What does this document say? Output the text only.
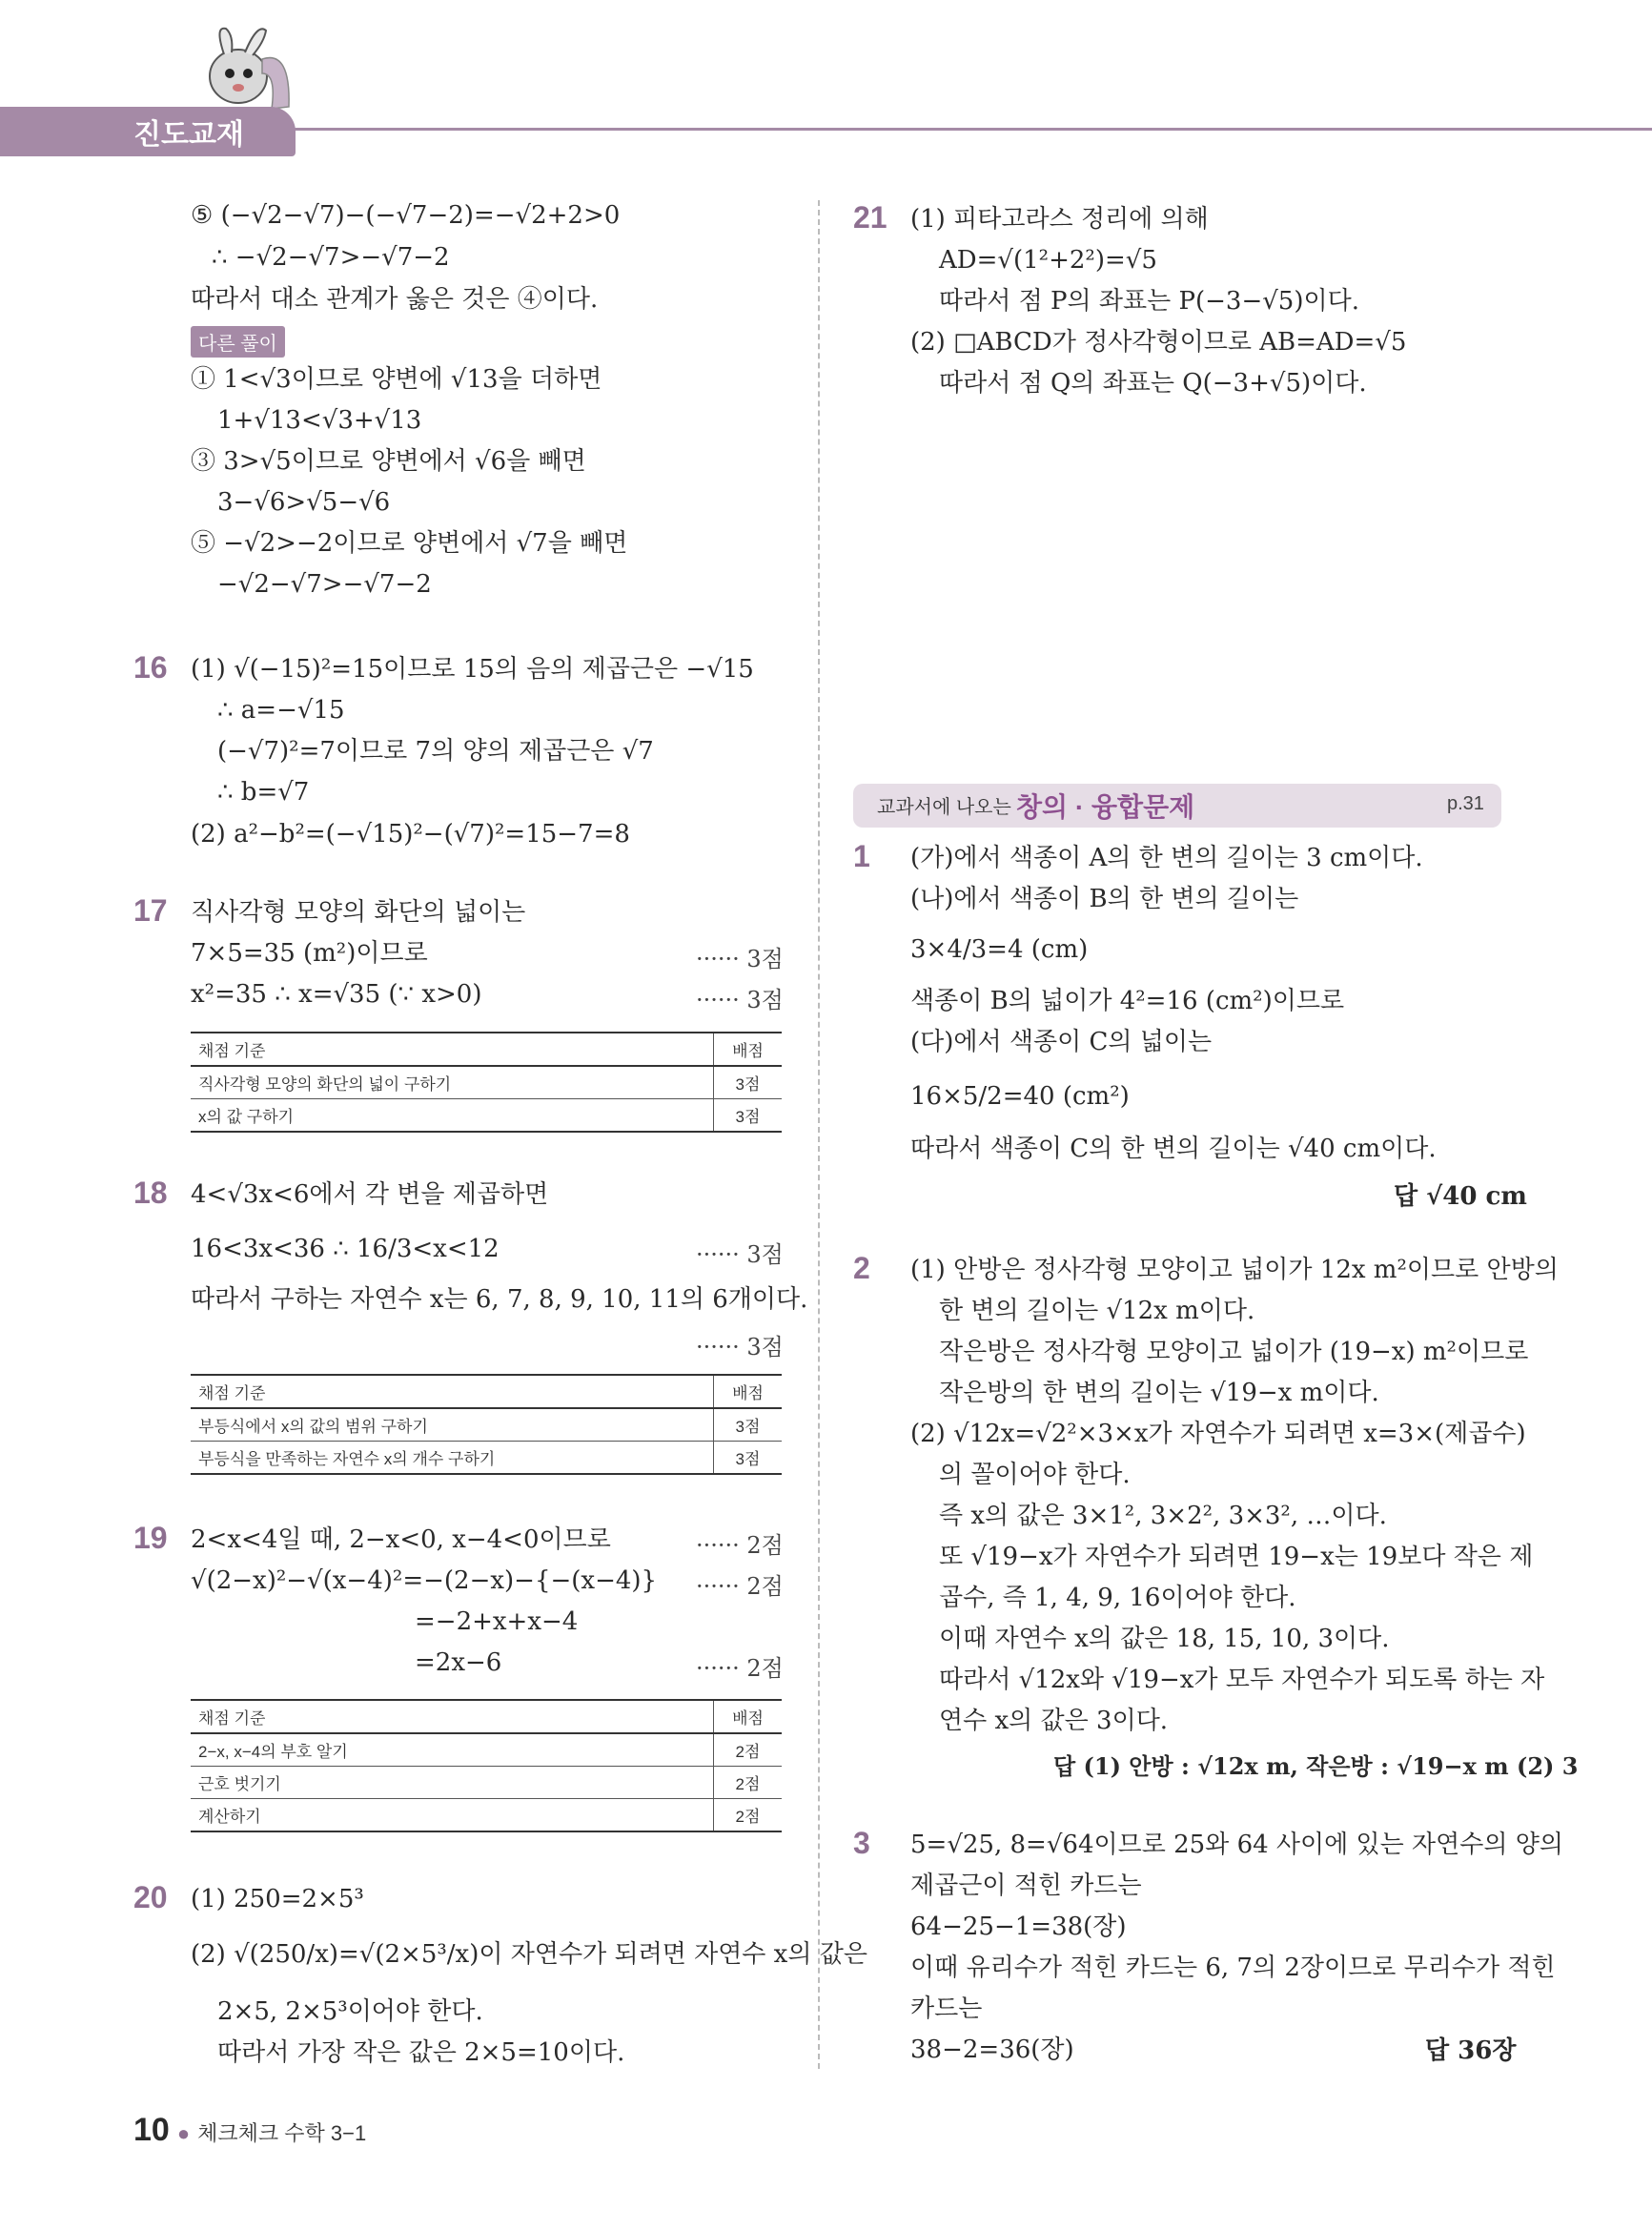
진도교재
⑤ (−√2−√7)−(−√7−2)=−√2+2>0
∴ −√2−√7>−√7−2
따라서 대소 관계가 옳은 것은 ④이다.
다른 풀이
① 1<√3이므로 양변에 √13을 더하면
1+√13<√3+√13
③ 3>√5이므로 양변에서 √6을 빼면
3−√6>√5−√6
⑤ −√2>−2이므로 양변에서 √7을 빼면
−√2−√7>−√7−2
16 (1) √(−15)²=15이므로 15의 음의 제곱근은 −√15
∴ a=−√15
(−√7)²=7이므로 7의 양의 제곱근은 √7
∴ b=√7
(2) a²−b²=(−√15)²−(√7)²=15−7=8
17 직사각형 모양의 화단의 넓이는
7×5=35 (m²)이므로	······ 3점
x²=35 ∴ x=√35 (∵ x>0)	······ 3점
채점 기준	배점
직사각형 모양의 화단의 넓이 구하기	3점
x의 값 구하기	3점
18 4<√3x<6에서 각 변을 제곱하면
16<3x<36 ∴ 16/3<x<12	······ 3점
따라서 구하는 자연수 x는 6, 7, 8, 9, 10, 11의 6개이다.
······ 3점
채점 기준	배점
부등식에서 x의 값의 범위 구하기	3점
부등식을 만족하는 자연수 x의 개수 구하기	3점
19 2<x<4일 때, 2−x<0, x−4<0이므로	······ 2점
√(2−x)²−√(x−4)²=−(2−x)−{−(x−4)} ······ 2점
=−2+x+x−4
=2x−6	······ 2점
채점 기준	배점
2−x, x−4의 부호 알기	2점
근호 벗기기	2점
계산하기	2점
20 (1) 250=2×5³
(2) √(250/x)=√(2×5³/x)이 자연수가 되려면 자연수 x의 값은
2×5, 2×5³이어야 한다.
따라서 가장 작은 값은 2×5=10이다.
21 (1) 피타고라스 정리에 의해
AD=√(1²+2²)=√5
따라서 점 P의 좌표는 P(−3−√5)이다.
(2) □ABCD가 정사각형이므로 AB=AD=√5
따라서 점 Q의 좌표는 Q(−3+√5)이다.
교과서에 나오는 창의 · 융합문제	p.31
1 (가)에서 색종이 A의 한 변의 길이는 3 cm이다.
(나)에서 색종이 B의 한 변의 길이는
3×4/3=4 (cm)
색종이 B의 넓이가 4²=16 (cm²)이므로
(다)에서 색종이 C의 넓이는
16×5/2=40 (cm²)
따라서 색종이 C의 한 변의 길이는 √40 cm이다.
답 √40 cm
2 (1) 안방은 정사각형 모양이고 넓이가 12x m²이므로 안방의
한 변의 길이는 √12x m이다.
작은방은 정사각형 모양이고 넓이가 (19−x) m²이므로
작은방의 한 변의 길이는 √19−x m이다.
(2) √12x=√2²×3×x가 자연수가 되려면 x=3×(제곱수)
의 꼴이어야 한다.
즉 x의 값은 3×1², 3×2², 3×3², …이다.
또 √19−x가 자연수가 되려면 19−x는 19보다 작은 제
곱수, 즉 1, 4, 9, 16이어야 한다.
이때 자연수 x의 값은 18, 15, 10, 3이다.
따라서 √12x와 √19−x가 모두 자연수가 되도록 하는 자
연수 x의 값은 3이다.
답 (1) 안방 : √12x m, 작은방 : √19−x m (2) 3
3 5=√25, 8=√64이므로 25와 64 사이에 있는 자연수의 양의
제곱근이 적힌 카드는
64−25−1=38(장)
이때 유리수가 적힌 카드는 6, 7의 2장이므로 무리수가 적힌
카드는
38−2=36(장)	답 36장
10 ● 체크체크 수학 3−1
